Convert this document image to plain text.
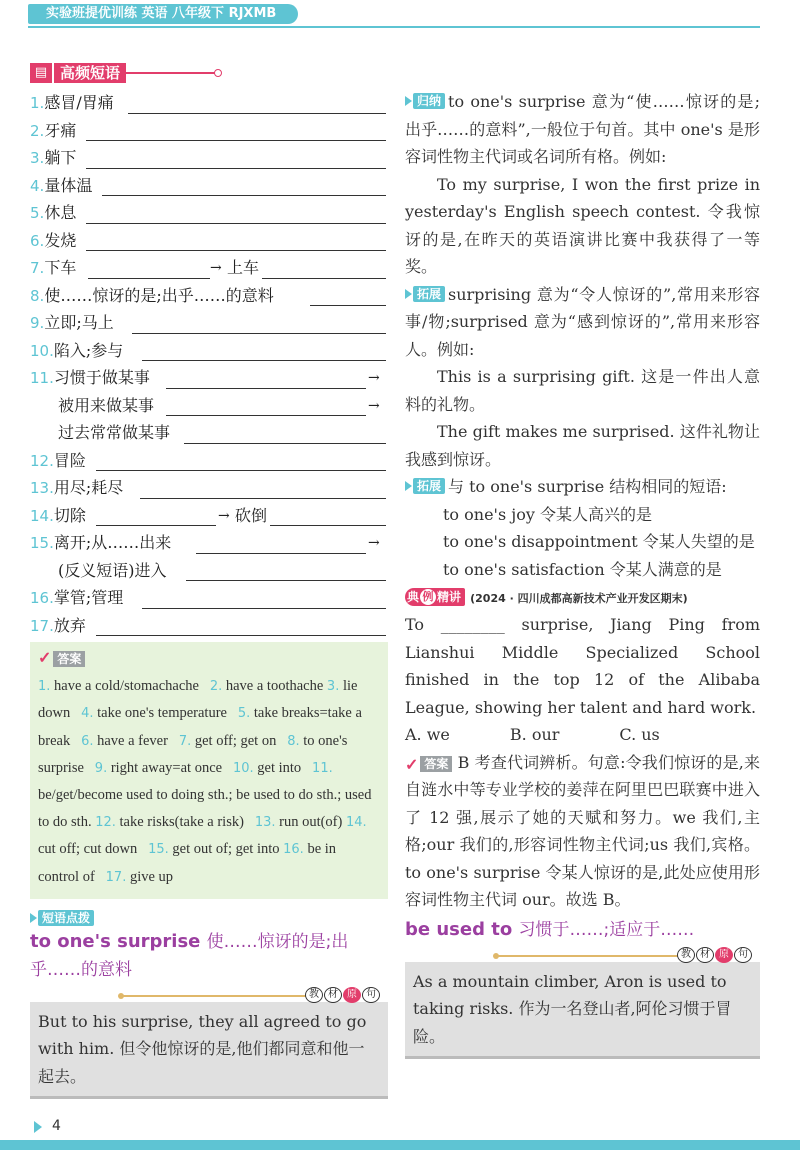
实验班提优训练 英语 八年级下 RJXMB
▤ 高频短语
1.感冒/胃痛
2.牙痛
3.躺下
4.量体温
5.休息
6.发烧
7.下车	→ 上车
8.使……惊讶的是;出乎……的意料
9.立即;马上
10.陷入;参与
11.习惯于做某事	→
被用来做某事	→
过去常常做某事
12.冒险
13.用尽;耗尽
14.切除	→ 砍倒
15.离开;从……出来	→
(反义短语)进入
16.掌管;管理
17.放弃
✓ 答案
1. have a cold/stomachache 2. have a toothache 3. lie down 4. take one's temperature 5. take breaks=take a break 6. have a fever 7. get off; get on 8. to one's surprise 9. right away=at once 10. get into 11. be/get/become used to doing sth.; be used to do sth.; used to do sth. 12. take risks(take a risk) 13. run out(of) 14. cut off; cut down 15. get out of; get into 16. be in control of 17. give up
短语点拨
to one's surprise 使……惊讶的是;出乎……的意料
教 材 原 句
But to his surprise, they all agreed to go with him. 但令他惊讶的是,他们都同意和他一起去。
归纳 to one's surprise 意为“使……惊讶的是;出乎……的意料”,一般位于句首。其中 one's 是形容词性物主代词或名词所有格。例如:
To my surprise, I won the first prize in yesterday's English speech contest. 令我惊讶的是,在昨天的英语演讲比赛中我获得了一等奖。
拓展 surprising 意为“令人惊讶的”,常用来形容事/物;surprised 意为“感到惊讶的”,常用来形容人。例如:
This is a surprising gift. 这是一件出人意料的礼物。
The gift makes me surprised. 这件礼物让我感到惊讶。
拓展 与 to one's surprise 结构相同的短语:
to one's joy 令某人高兴的是
to one's disappointment 令某人失望的是
to one's satisfaction 令某人满意的是
典 例 精讲 (2024 · 四川成都高新技术产业开发区期末)
To ________ surprise, Jiang Ping from Lianshui Middle Specialized School finished in the top 12 of the Alibaba League, showing her talent and hard work.
A. we	B. our	C. us
✓ 答案 B 考查代词辨析。句意:令我们惊讶的是,来自涟水中等专业学校的姜萍在阿里巴巴联赛中进入了 12 强,展示了她的天赋和努力。we 我们,主格;our 我们的,形容词性物主代词;us 我们,宾格。to one's surprise 令某人惊讶的是,此处应使用形容词性物主代词 our。故选 B。
be used to 习惯于……;适应于……
教 材 原 句
As a mountain climber, Aron is used to taking risks. 作为一名登山者,阿伦习惯于冒险。
4
